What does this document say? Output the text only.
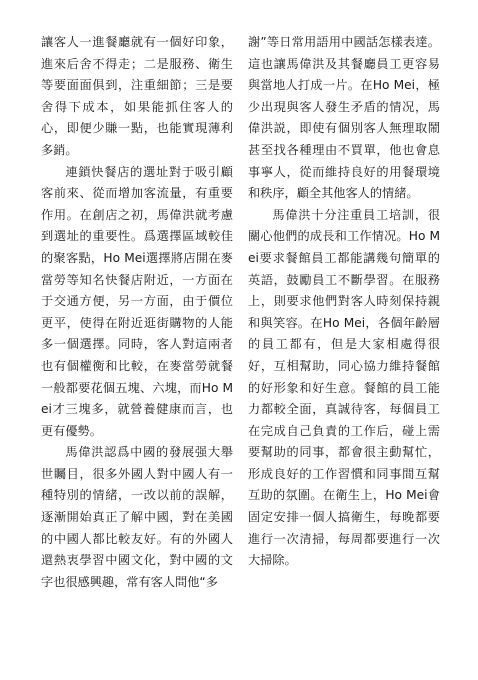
讓客人一進餐廳就有一個好印象，進來后舍不得走；二是服務、衛生等要面面俱到，注重細節；三是要舍得下成本，如果能抓住客人的心，即便少賺一點，也能實現薄利多銷。

連鎖快餐店的選址對于吸引顧客前來、從而增加客流量，有重要作用。在創店之初，馬偉洪就考慮到選址的重要性。爲選擇區域較佳的聚客點，Ho Mei選擇將店開在麥當勞等知名快餐店附近，一方面在于交通方便，另一方面，由于價位更平，使得在附近逛街購物的人能多一個選擇。同時，客人對這兩者也有個權衡和比較，在麥當勞就餐一般都要花個五塊、六塊，而Ho Mei才三塊多，就營養健康而言，也更有優勢。

馬偉洪認爲中國的發展强大舉世矚目，很多外國人對中國人有一種特別的情緒，一改以前的誤解，逐漸開始真正了解中國，對在美國的中國人都比較友好。有的外國人還熱衷學習中國文化，對中國的文字也很感興趣，常有客人問他“多

謝”等日常用語用中國話怎樣表達。這也讓馬偉洪及其餐廳員工更容易與當地人打成一片。在Ho Mei，極少出現與客人發生矛盾的情况，馬偉洪説，即使有個別客人無理取鬧甚至找各種理由不買單，他也會息事寧人，從而維持良好的用餐環境和秩序，顧全其他客人的情緒。

馬偉洪十分注重員工培訓，很關心他們的成長和工作情况。Ho Mei要求餐館員工都能講幾句簡單的英語，鼓勵員工不斷學習。在服務上，則要求他們對客人時刻保持親和與笑容。在Ho Mei，各個年齡層的員工都有，但是大家相處得很好，互相幫助，同心協力維持餐館的好形象和好生意。餐館的員工能力都較全面，真誠待客，每個員工在完成自己負責的工作后，碰上需要幫助的同事，都會很主動幫忙，形成良好的工作習慣和同事間互幫互助的氛圍。在衛生上，Ho Mei會固定安排一個人搞衛生，每晚都要進行一次清掃，每周都要進行一次大掃除。
